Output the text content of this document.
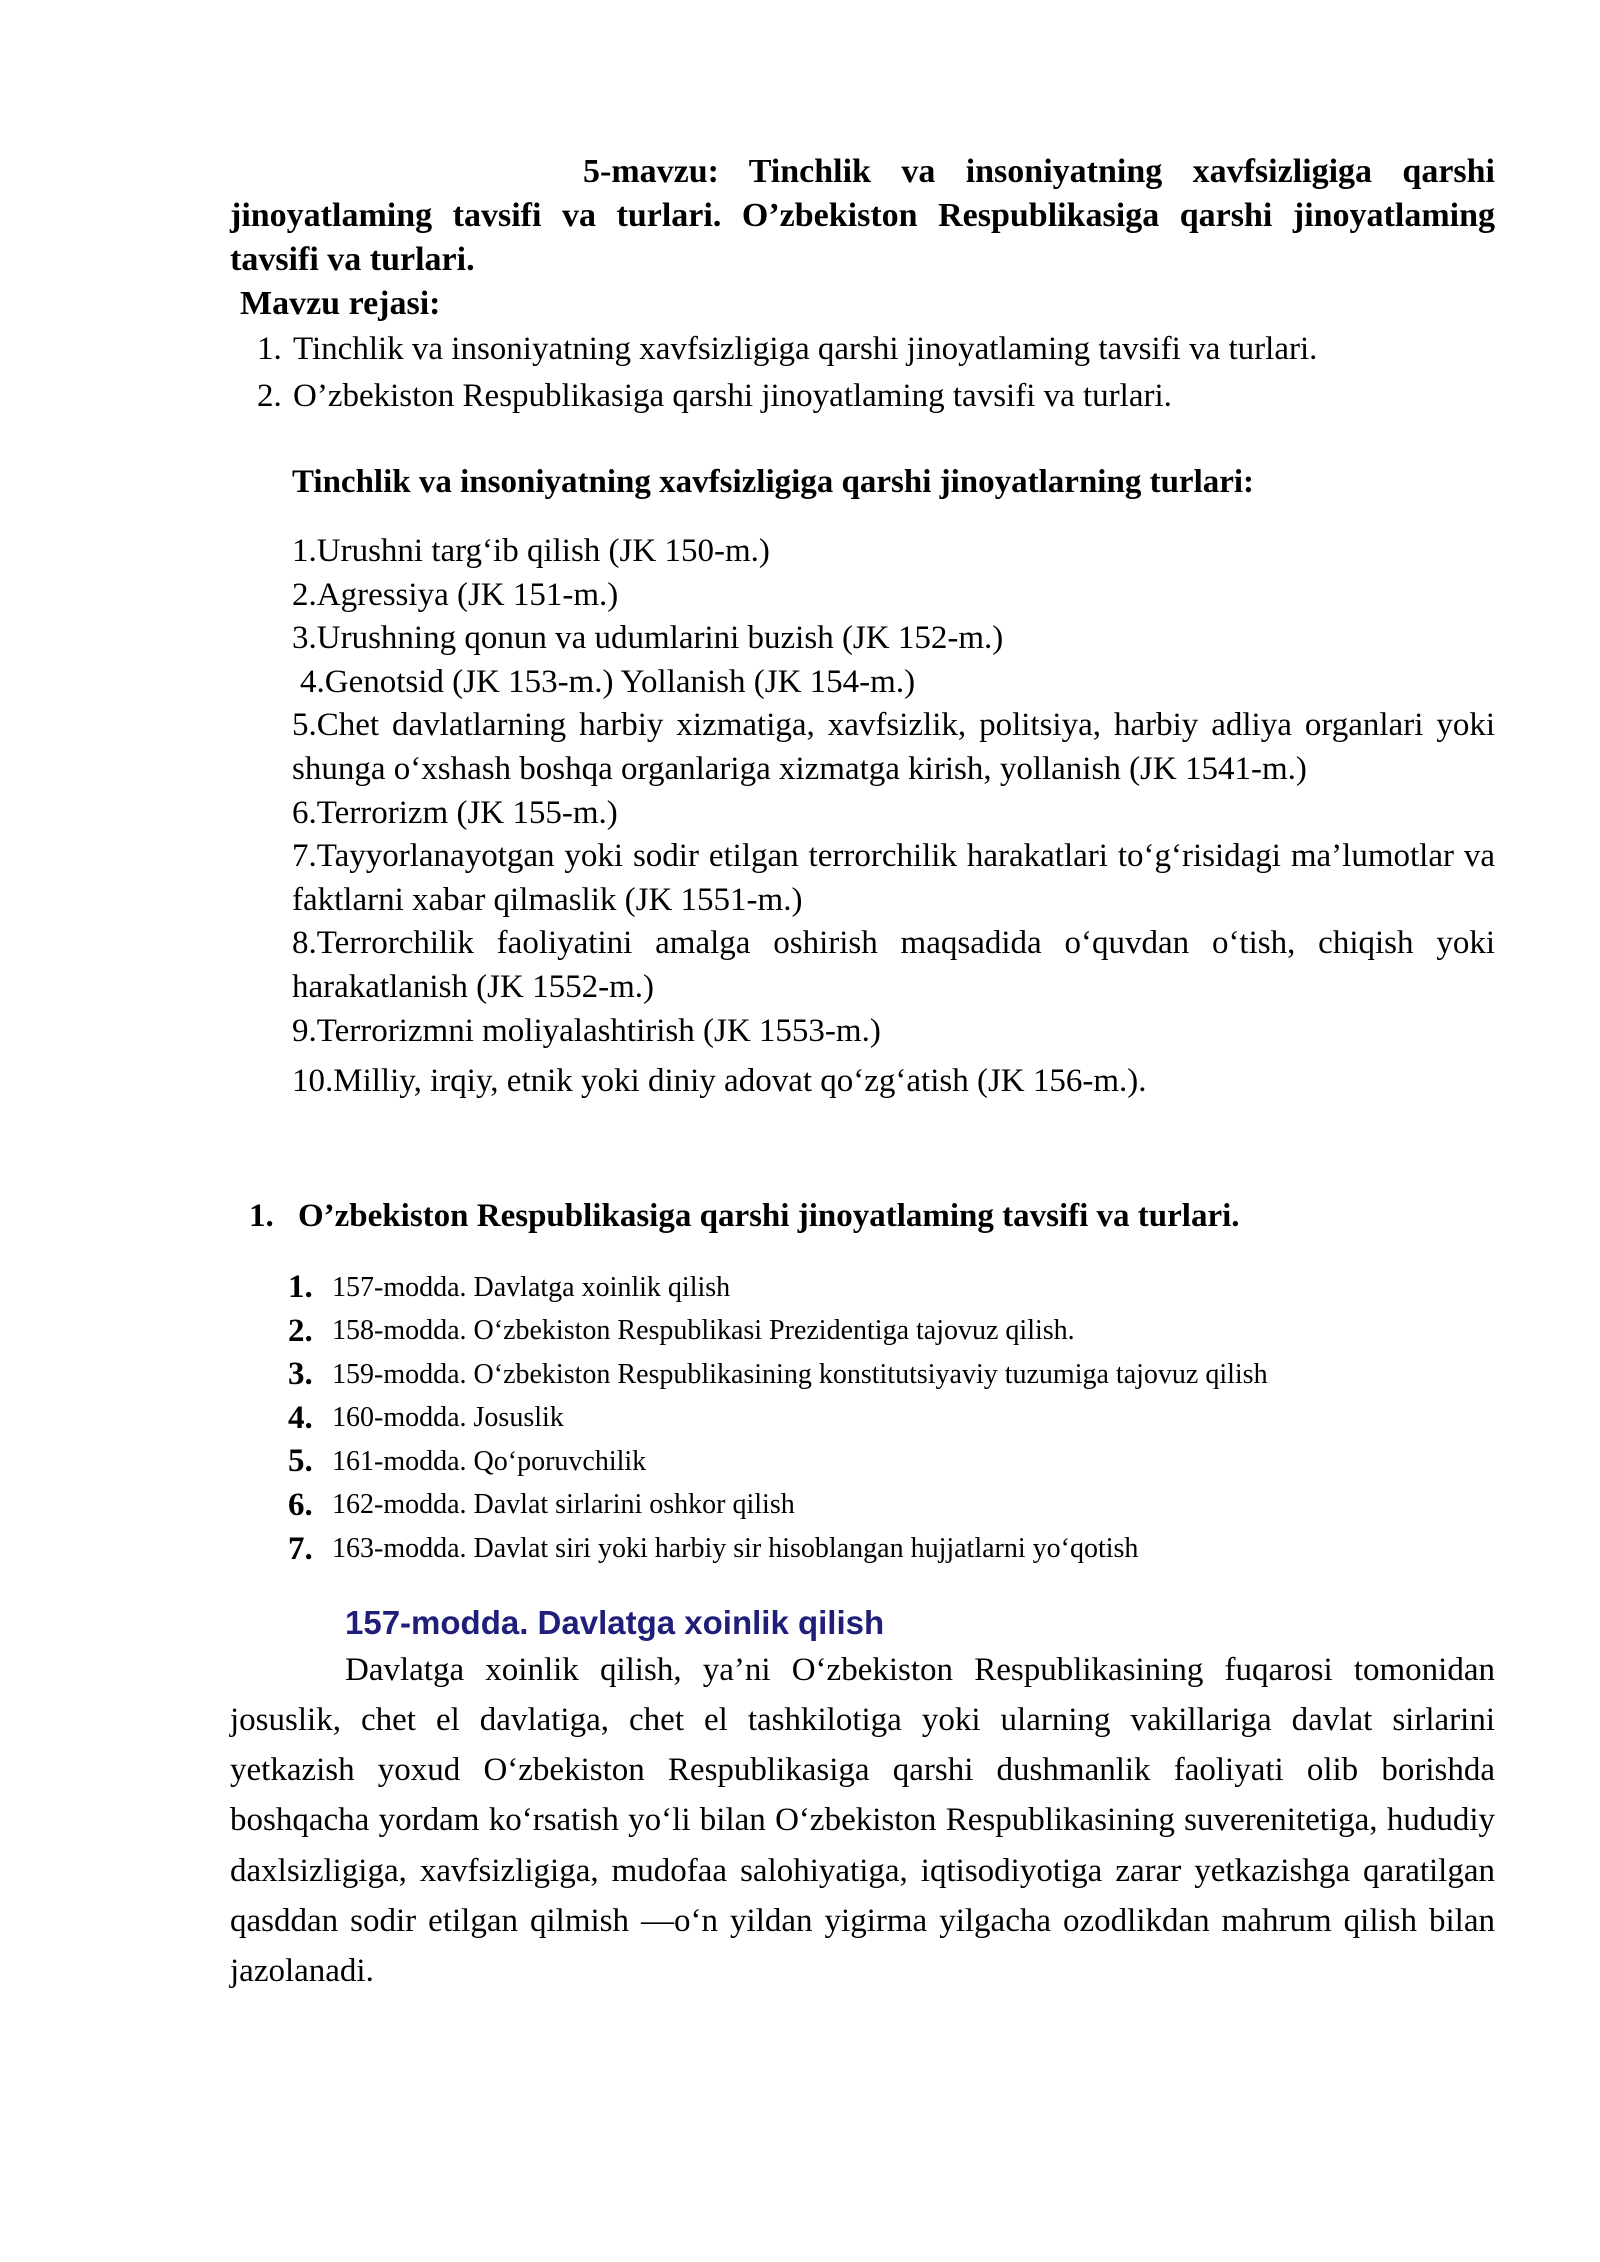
5-mavzu: Tinchlik va insoniyatning xavfsizligiga qarshi jinoyatlaming tavsifi va turlari. O’zbekiston Respublikasiga qarshi jinoyatlaming tavsifi va turlari.

Mavzu rejasi:

1. Tinchlik va insoniyatning xavfsizligiga qarshi jinoyatlaming tavsifi va turlari.
2. O’zbekiston Respublikasiga qarshi jinoyatlaming tavsifi va turlari.

Tinchlik va insoniyatning xavfsizligiga qarshi jinoyatlarning turlari:

1.Urushni targ‘ib qilish (JK 150-m.)

2.Agressiya (JK 151-m.)

3.Urushning qonun va udumlarini buzish (JK 152-m.)

4.Genotsid (JK 153-m.) Yollanish (JK 154-m.)

5.Chet davlatlarning harbiy xizmatiga, xavfsizlik, politsiya, harbiy adliya organlari yoki shunga o‘xshash boshqa organlariga xizmatga kirish, yollanish (JK 1541-m.)

6.Terrorizm (JK 155-m.)

7.Tayyorlanayotgan yoki sodir etilgan terrorchilik harakatlari to‘g‘risidagi ma’lumotlar va faktlarni xabar qilmaslik (JK 1551-m.)

8.Terrorchilik faoliyatini amalga oshirish maqsadida o‘quvdan o‘tish, chiqish yoki harakatlanish (JK 1552-m.)

9.Terrorizmni moliyalashtirish (JK 1553-m.)

10.Milliy, irqiy, etnik yoki diniy adovat qo‘zg‘atish (JK 156-m.).

1. O’zbekiston Respublikasiga qarshi jinoyatlaming tavsifi va turlari.

1. 157-modda. Davlatga xoinlik qilish
2. 158-modda. O‘zbekiston Respublikasi Prezidentiga tajovuz qilish.
3. 159-modda. O‘zbekiston Respublikasining konstitutsiyaviy tuzumiga tajovuz qilish
4. 160-modda. Josuslik
5. 161-modda. Qo‘poruvchilik
6. 162-modda. Davlat sirlarini oshkor qilish
7. 163-modda. Davlat siri yoki harbiy sir hisoblangan hujjatlarni yo‘qotish

157-modda. Davlatga xoinlik qilish

Davlatga xoinlik qilish, ya’ni O‘zbekiston Respublikasining fuqarosi tomonidan josuslik, chet el davlatiga, chet el tashkilotiga yoki ularning vakillariga davlat sirlarini yetkazish yoxud O‘zbekiston Respublikasiga qarshi dushmanlik faoliyati olib borishda boshqacha yordam ko‘rsatish yo‘li bilan O‘zbekiston Respublikasining suverenitetiga, hududiy daxlsizligiga, xavfsizligiga, mudofaa salohiyatiga, iqtisodiyotiga zarar yetkazishga qaratilgan qasddan sodir etilgan qilmish —o‘n yildan yigirma yilgacha ozodlikdan mahrum qilish bilan jazolanadi.
